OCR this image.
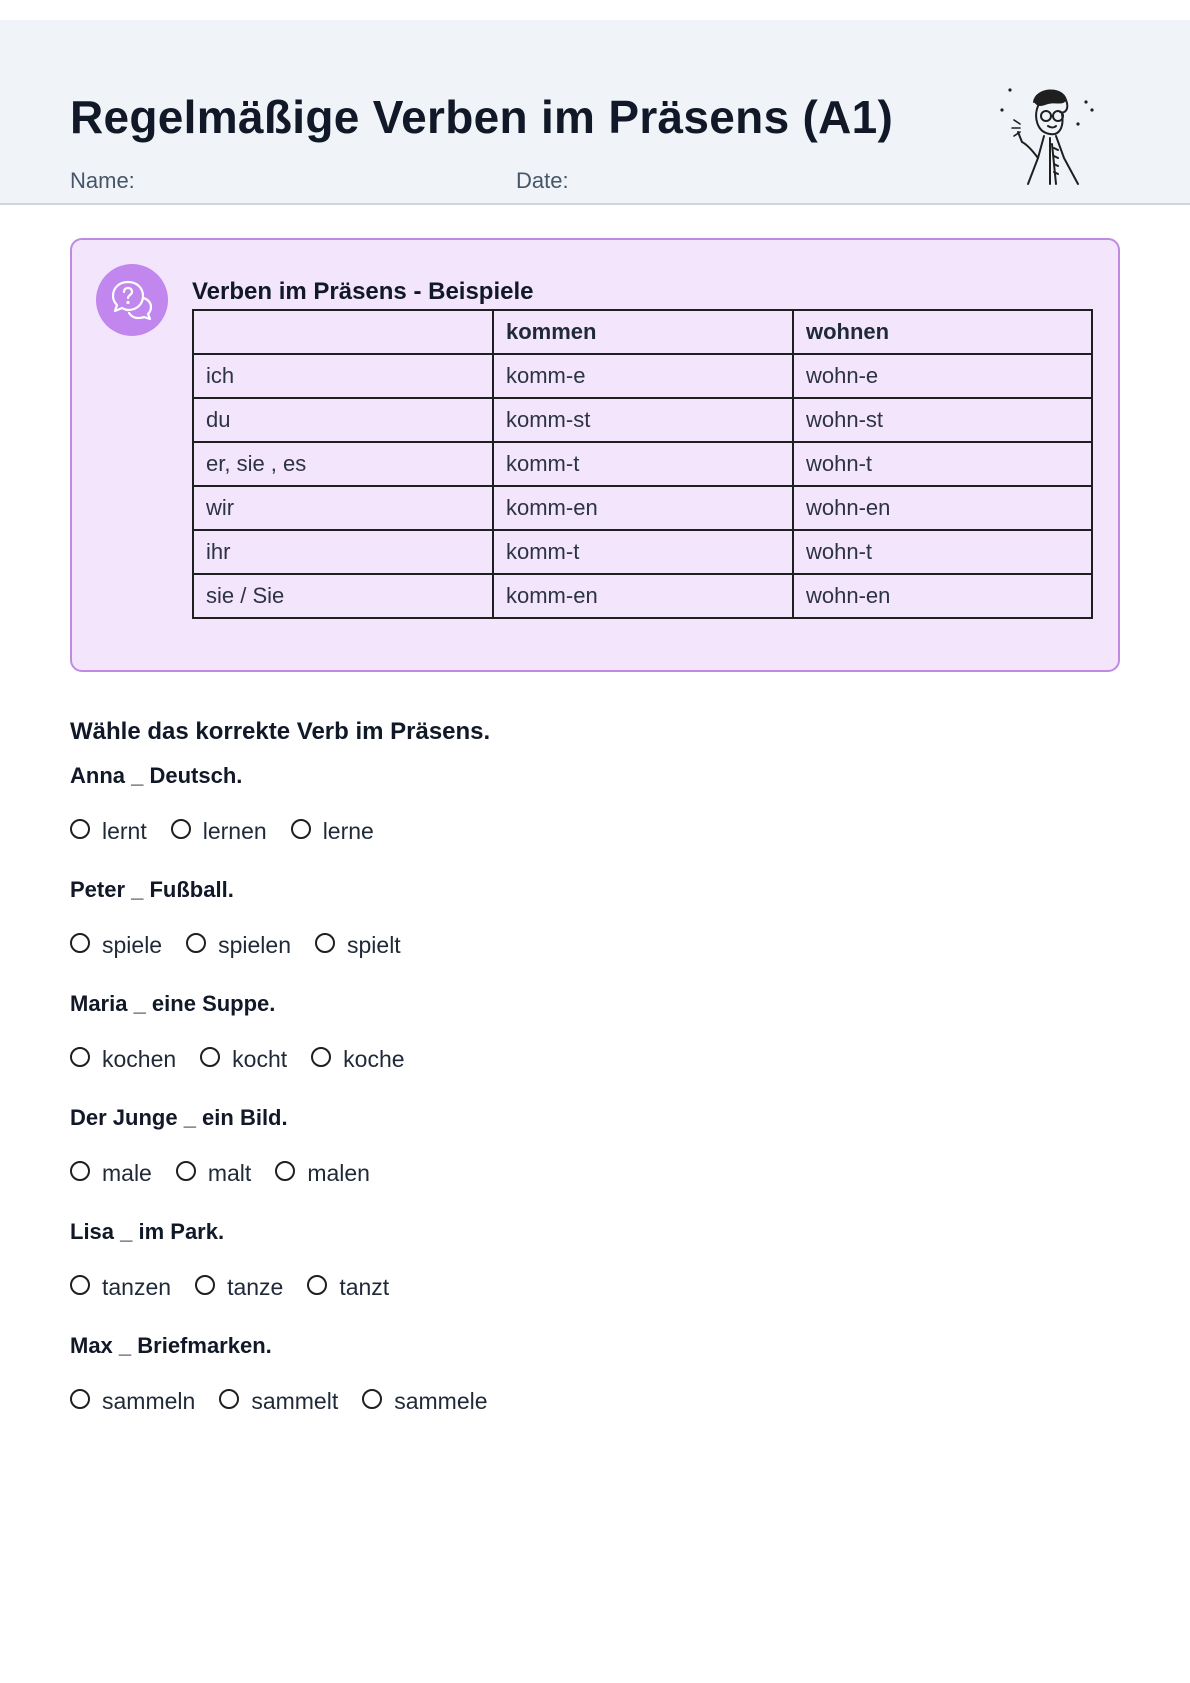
Regelmäßige Verben im Präsens (A1)
Name:	Date:
Verben im Präsens - Beispiele
	kommen	wohnen
ich	komm-e	wohn-e
du	komm-st	wohn-st
er, sie , es	komm-t	wohn-t
wir	komm-en	wohn-en
ihr	komm-t	wohn-t
sie / Sie	komm-en	wohn-en
Wähle das korrekte Verb im Präsens.
Anna _ Deutsch.
lernt lernen lerne
Peter _ Fußball.
spiele spielen spielt
Maria _ eine Suppe.
kochen kocht koche
Der Junge _ ein Bild.
male malt malen
Lisa _ im Park.
tanzen tanze tanzt
Max _ Briefmarken.
sammeln sammelt sammele
